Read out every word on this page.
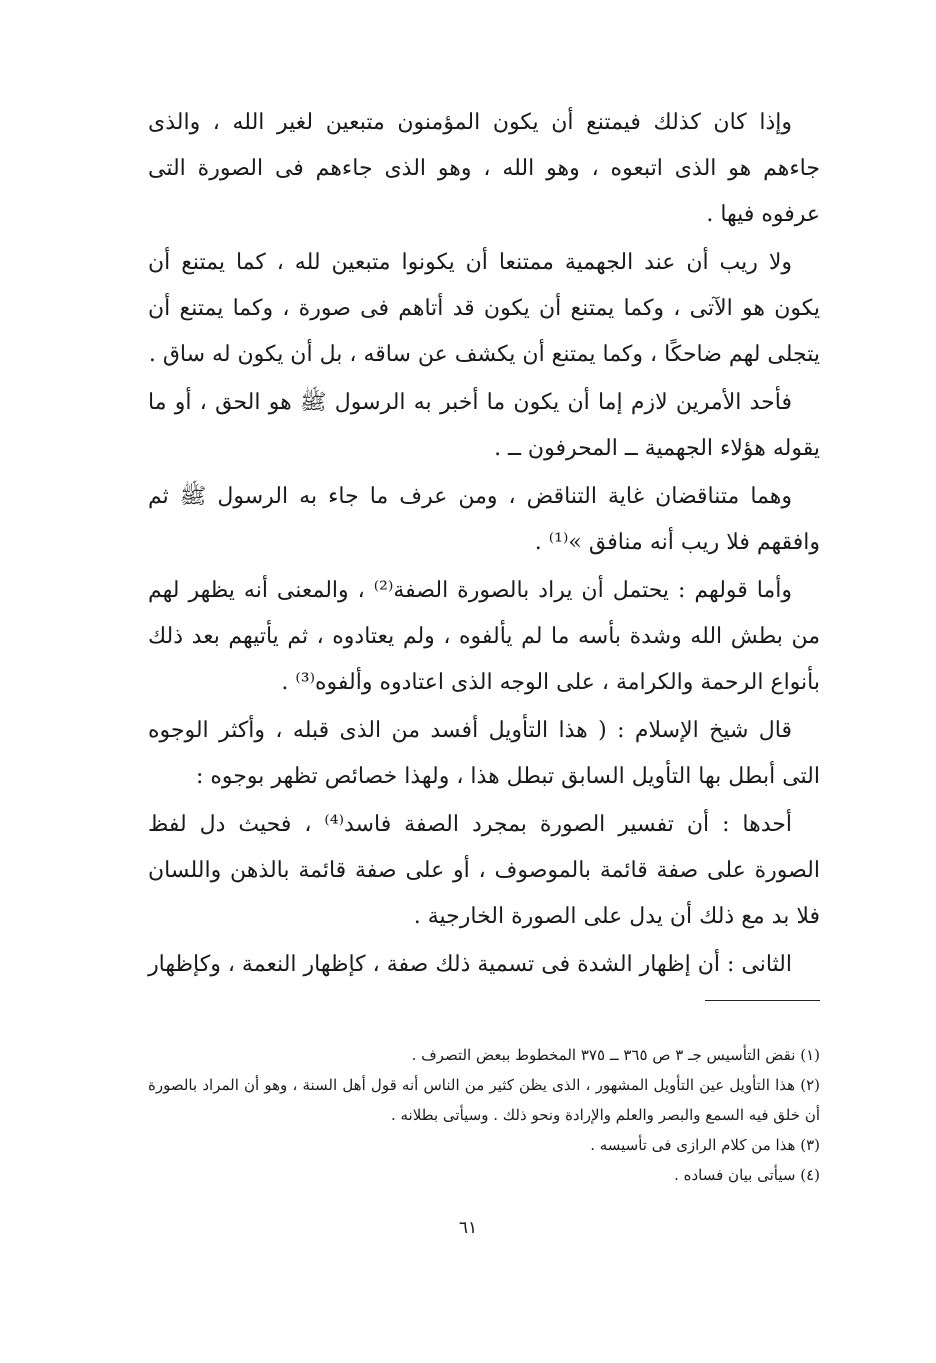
وإذا كان كذلك فيمتنع أن يكون المؤمنون متبعين لغير الله ، والذى جاءهم هو الذى اتبعوه ، وهو الله ، وهو الذى جاءهم فى الصورة التى عرفوه فيها .

ولا ريب أن عند الجهمية ممتنعا أن يكونوا متبعين لله ، كما يمتنع أن يكون هو الآتى ، وكما يمتنع أن يكون قد أتاهم فى صورة ، وكما يمتنع أن يتجلى لهم ضاحكًا ، وكما يمتنع أن يكشف عن ساقه ، بل أن يكون له ساق .

فأحد الأمرين لازم إما أن يكون ما أخبر به الرسول ﷺ هو الحق ، أو ما يقوله هؤلاء الجهمية ــ المحرفون ــ .

وهما متناقضان غاية التناقض ، ومن عرف ما جاء به الرسول ﷺ ثم وافقهم فلا ريب أنه منافق »⁽¹⁾ .

وأما قولهم : يحتمل أن يراد بالصورة الصفة⁽²⁾ ، والمعنى أنه يظهر لهم من بطش الله وشدة بأسه ما لم يألفوه ، ولم يعتادوه ، ثم يأتيهم بعد ذلك بأنواع الرحمة والكرامة ، على الوجه الذى اعتادوه وألفوه⁽³⁾ .

قال شيخ الإسلام : ( هذا التأويل أفسد من الذى قبله ، وأكثر الوجوه التى أبطل بها التأويل السابق تبطل هذا ، ولهذا خصائص تظهر بوجوه :

أحدها : أن تفسير الصورة بمجرد الصفة فاسد⁽⁴⁾ ، فحيث دل لفظ الصورة على صفة قائمة بالموصوف ، أو على صفة قائمة بالذهن واللسان فلا بد مع ذلك أن يدل على الصورة الخارجية .

الثانى : أن إظهار الشدة فى تسمية ذلك صفة ، كإظهار النعمة ، وكإظهار

(١) نقض التأسيس جـ ٣ ص ٣٦٥ ــ ٣٧٥ المخطوط ببعض التصرف .

(٢) هذا التأويل عين التأويل المشهور ، الذى يظن كثير من الناس أنه قول أهل السنة ، وهو أن المراد بالصورة أن خلق فيه السمع والبصر والعلم والإرادة ونحو ذلك . وسيأتى بطلانه .

(٣) هذا من كلام الرازى فى تأسيسه .

(٤) سيأتى بيان فساده .

٦١
